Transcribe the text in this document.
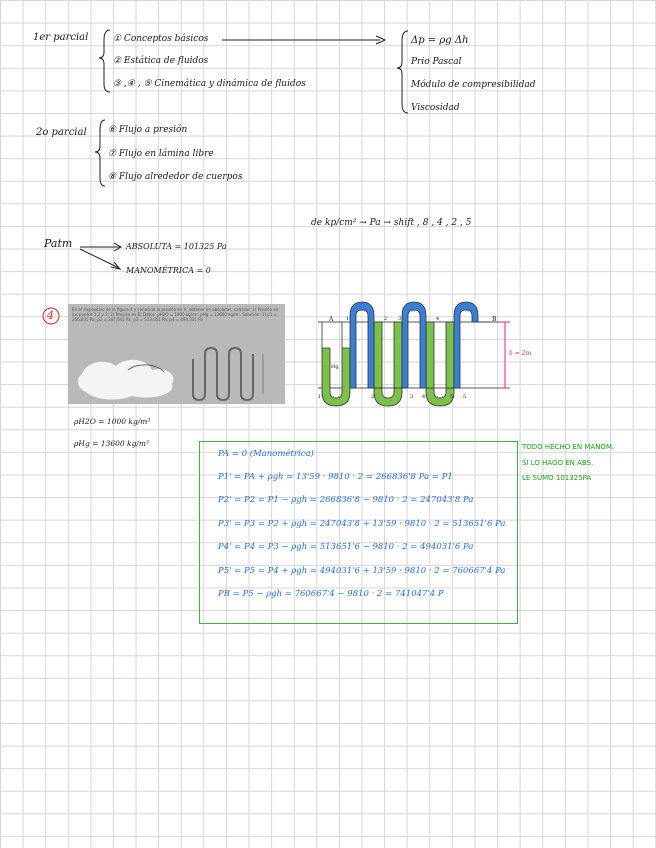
1er parcial	① Conceptos básicos
② Estática de fluidos
③ ,④ , ⑤ Cinemática y dinámica de fluidos
Δp = ρg Δh
Prio Pascal
Módulo de compresibilidad
Viscosidad
2o parcial ⑥ Flujo a presión
⑦ Flujo en lámina libre
⑧ Flujo alrededor de cuerpos
de kp/cm² → Pa → shift , 8 , 4 , 2 , 5
Patm	ABSOLUTA = 101325 Pa
MANOMÉTRICA = 0
4	En el dispositivo de la figura 4 y conocida la presión en A, obtener en absolutas, calcular: 1) Presión en los puntos 1,2 y 3. 2) Presión en B. Datos: ρH2O = 1000 kg/m³; ρHg = 13600 kg/m³. Solución: 1) p1 = 266,835 Pa; p2 = 247,041 Pa; p3 = 513,651 Pa; p4 = 494,031 Pa
ρH2O = 1000 kg/m³
ρHg = 13600 kg/m³
A	B
h = 2m
Hg
1'
1
2'
2 3'
3 4'
4
5' 5
PA = 0 (Manométrica)
P1' = PA + ρgh = 13'59 · 9810 · 2 = 266836'8 Pa = P1
P2' = P2 = P1 − ρgh = 266836'8 − 9810 · 2 = 247043'8 Pa
P3' = P3 = P2 + ρgh = 247043'8 + 13'59 · 9810 · 2 = 513651'6 Pa
P4' = P4 = P3 − ρgh = 513651'6 − 9810 · 2 = 494031'6 Pa
P5' = P5 = P4 + ρgh = 494031'6 + 13'59 · 9810 · 2 = 760667'4 Pa
PB = P5 − ρgh = 760667'4 − 9810 · 2 = 741047'4 P
TODO HECHO EN MANOM.
SI LO HAGO EN ABS.
LE SUMO 101325PA
